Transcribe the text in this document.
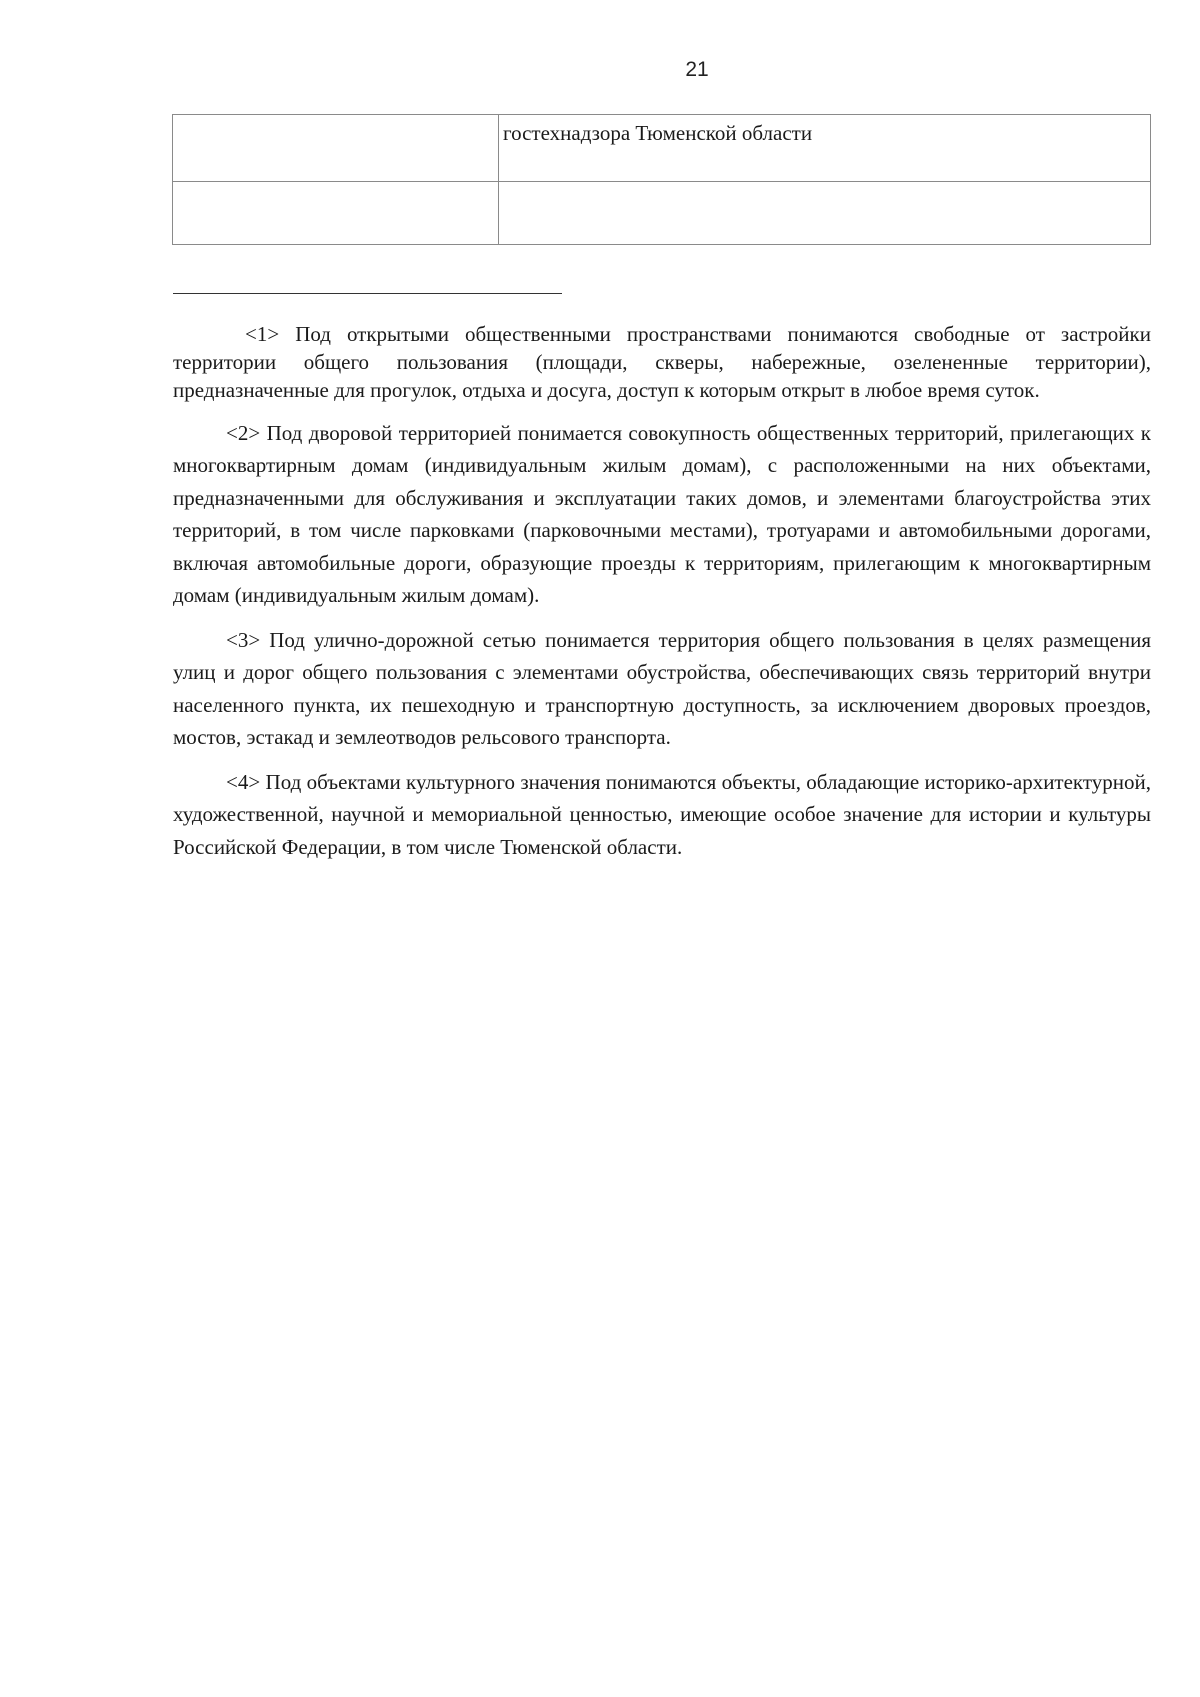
21
	гостехнадзора Тюменской области

<1> Под открытыми общественными пространствами понимаются свободные от застройки территории общего пользования (площади, скверы, набережные, озелененные территории), предназначенные для прогулок, отдыха и досуга, доступ к которым открыт в любое время суток.

<2> Под дворовой территорией понимается совокупность общественных территорий, прилегающих к многоквартирным домам (индивидуальным жилым домам), с расположенными на них объектами, предназначенными для обслуживания и эксплуатации таких домов, и элементами благоустройства этих территорий, в том числе парковками (парковочными местами), тротуарами и автомобильными дорогами, включая автомобильные дороги, образующие проезды к территориям, прилегающим к многоквартирным домам (индивидуальным жилым домам).

<3> Под улично-дорожной сетью понимается территория общего пользования в целях размещения улиц и дорог общего пользования с элементами обустройства, обеспечивающих связь территорий внутри населенного пункта, их пешеходную и транспортную доступность, за исключением дворовых проездов, мостов, эстакад и землеотводов рельсового транспорта.

<4> Под объектами культурного значения понимаются объекты, обладающие историко-архитектурной, художественной, научной и мемориальной ценностью, имеющие особое значение для истории и культуры Российской Федерации, в том числе Тюменской области.
